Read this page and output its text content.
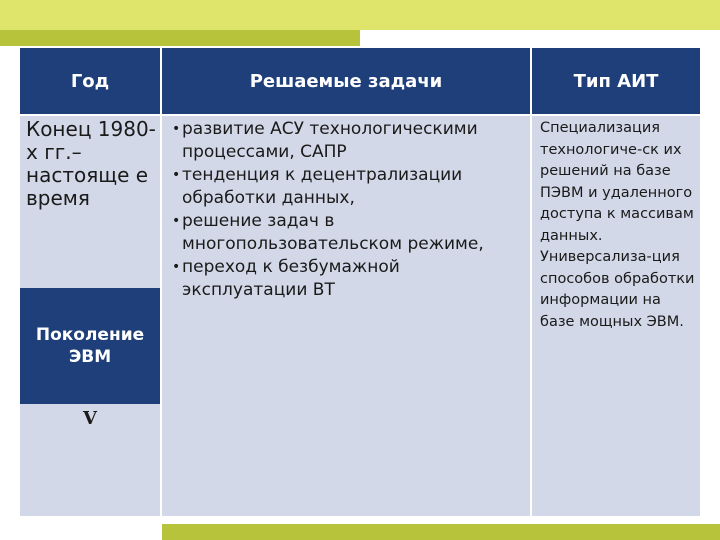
Год	Решаемые задачи	Тип АИТ
Конец 1980-х гг.– настояще е время
Поколение ЭВМ
V
• развитие АСУ технологическими процессами, САПР
• тенденция к децентрализации обработки данных,
• решение задач в многопользовательском режиме,
• переход к безбумажной эксплуатации ВТ
Специализация технологиче-ск их решений на базе ПЭВМ и удаленного доступа к массивам данных. Универсализа-ция способов обработки информации на базе мощных ЭВМ.
